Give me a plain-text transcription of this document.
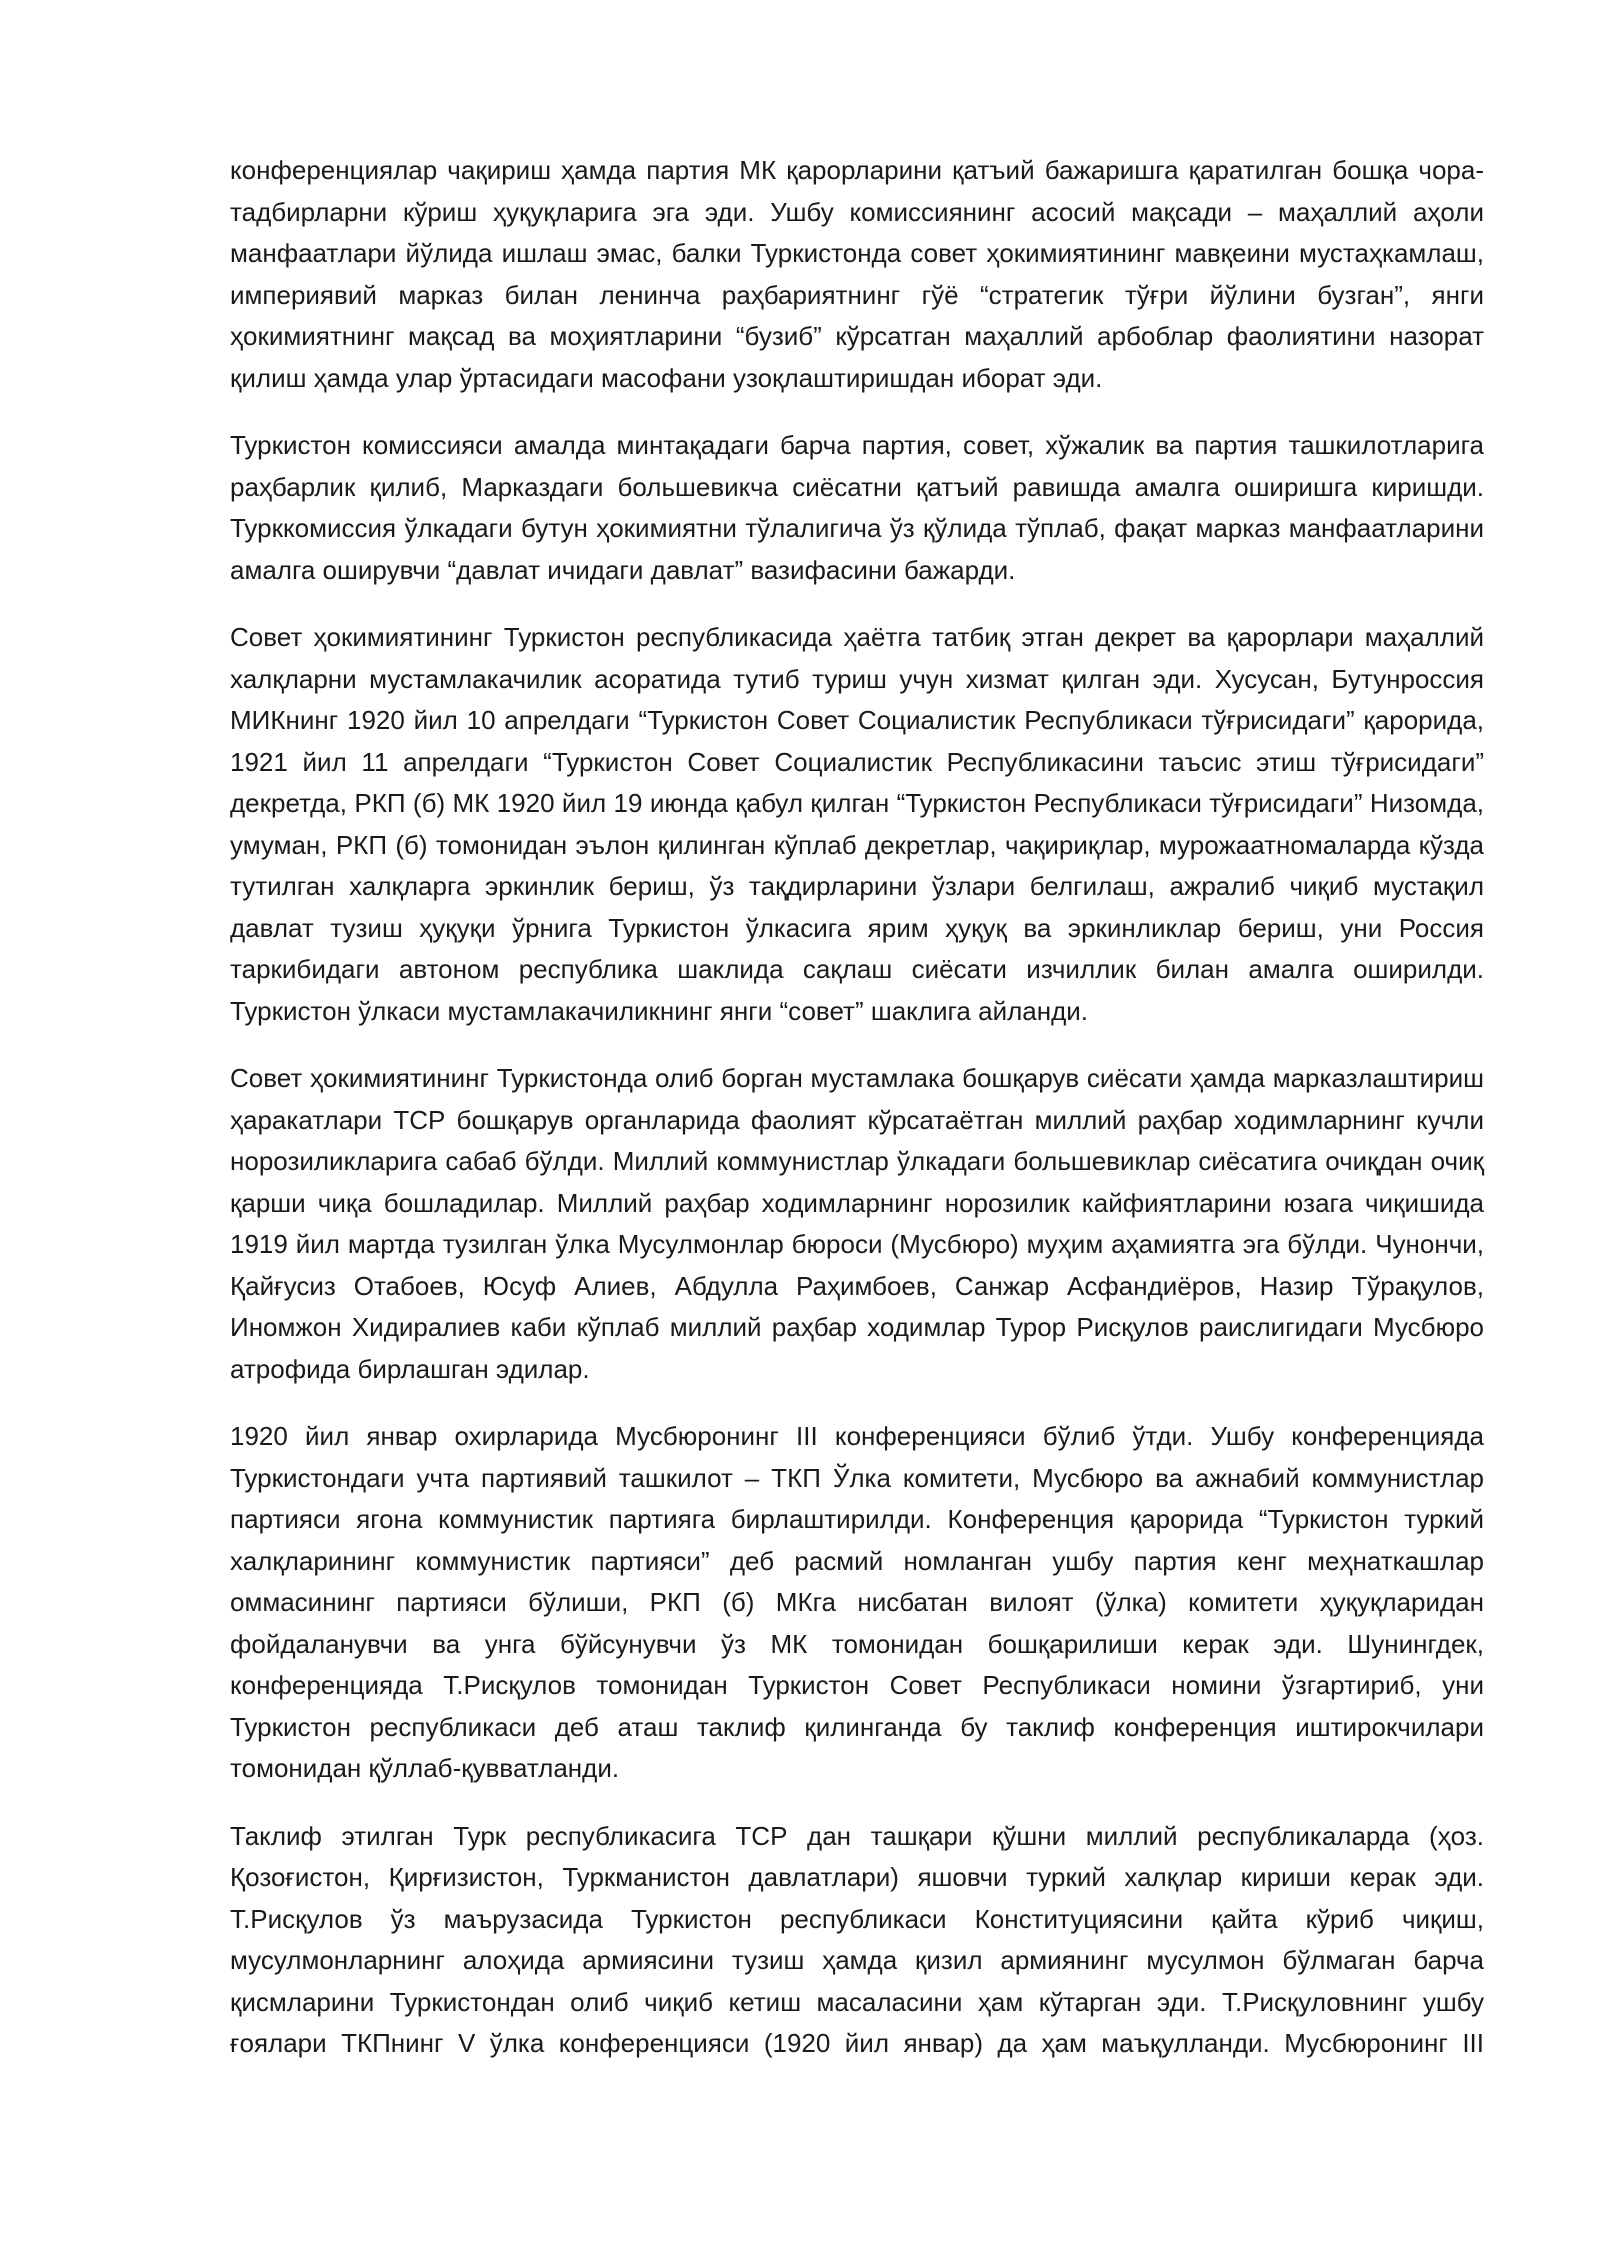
конференциялар чақириш ҳамда партия МК қарорларини қатъий бажаришга қаратилган бошқа чора-тадбирларни кўриш ҳуқуқларига эга эди. Ушбу комиссиянинг асосий мақсади – маҳаллий аҳоли манфаатлари йўлида ишлаш эмас, балки Туркистонда совет ҳокимиятининг мавқеини мустаҳкамлаш, империявий марказ билан ленинча раҳбариятнинг гўё “стратегик тўғри йўлини бузган”, янги ҳокимиятнинг мақсад ва моҳиятларини “бузиб” кўрсатган маҳаллий арбоблар фаолиятини назорат қилиш ҳамда улар ўртасидаги масофани узоқлаштиришдан иборат эди.

Туркистон комиссияси амалда минтақадаги барча партия, совет, хўжалик ва партия ташкилотларига раҳбарлик қилиб, Марказдаги большевикча сиёсатни қатъий равишда амалга оширишга киришди. Турккомиссия ўлкадаги бутун ҳокимиятни тўлалигича ўз қўлида тўплаб, фақат марказ манфаатларини амалга оширувчи “давлат ичидаги давлат” вазифасини бажарди.

Совет ҳокимиятининг Туркистон республикасида ҳаётга татбиқ этган декрет ва қарорлари маҳаллий халқларни мустамлакачилик асоратида тутиб туриш учун хизмат қилган эди. Хусусан, Бутунроссия МИКнинг 1920 йил 10 апрелдаги “Туркистон Совет Социалистик Республикаси тўғрисидаги” қарорида, 1921 йил 11 апрелдаги “Туркистон Совет Социалистик Республикасини таъсис этиш тўғрисидаги” декретда, РКП (б) МК 1920 йил 19 июнда қабул қилган “Туркистон Республикаси тўғрисидаги” Низомда, умуман, РКП (б) томонидан эълон қилинган кўплаб декретлар, чақириқлар, мурожаатномаларда кўзда тутилган халқларга эркинлик бериш, ўз тақдирларини ўзлари белгилаш, ажралиб чиқиб мустақил давлат тузиш ҳуқуқи ўрнига Туркистон ўлкасига ярим ҳуқуқ ва эркинликлар бериш, уни Россия таркибидаги автоном республика шаклида сақлаш сиёсати изчиллик билан амалга оширилди. Туркистон ўлкаси мустамлакачиликнинг янги “совет” шаклига айланди.

Совет ҳокимиятининг Туркистонда олиб борган мустамлака бошқарув сиёсати ҳамда марказлаштириш ҳаракатлари ТСР бошқарув органларида фаолият кўрсатаётган миллий раҳбар ходимларнинг кучли норозиликларига сабаб бўлди. Миллий коммунистлар ўлкадаги большевиклар сиёсатига очиқдан очиқ қарши чиқа бошладилар. Миллий раҳбар ходимларнинг норозилик кайфиятларини юзага чиқишида 1919 йил мартда тузилган ўлка Мусулмонлар бюроси (Мусбюро) муҳим аҳамиятга эга бўлди. Чунончи, Қайғусиз Отабоев, Юсуф Алиев, Абдулла Раҳимбоев, Санжар Асфандиёров, Назир Тўрақулов, Иномжон Хидиралиев каби кўплаб миллий раҳбар ходимлар Турор Рисқулов раислигидаги Мусбюро атрофида бирлашган эдилар.

1920 йил январ охирларида Мусбюронинг III конференцияси бўлиб ўтди. Ушбу конференцияда Туркистондаги учта партиявий ташкилот – ТКП Ўлка комитети, Мусбюро ва ажнабий коммунистлар партияси ягона коммунистик партияга бирлаштирилди. Конференция қарорида “Туркистон туркий халқларининг коммунистик партияси” деб расмий номланган ушбу партия кенг меҳнаткашлар оммасининг партияси бўлиши, РКП (б) МКга нисбатан вилоят (ўлка) комитети ҳуқуқларидан фойдаланувчи ва унга бўйсунувчи ўз МК томонидан бошқарилиши керак эди. Шунингдек, конференцияда Т.Рисқулов томонидан Туркистон Совет Республикаси номини ўзгартириб, уни Туркистон республикаси деб аташ таклиф қилинганда бу таклиф конференция иштирокчилари томонидан қўллаб-қувватланди.

Таклиф этилган Турк республикасига ТСР дан ташқари қўшни миллий республикаларда (ҳоз. Қозоғистон, Қирғизистон, Туркманистон давлатлари) яшовчи туркий халқлар кириши керак эди. Т.Рисқулов ўз маърузасида Туркистон республикаси Конституциясини қайта кўриб чиқиш, мусулмонларнинг алоҳида армиясини тузиш ҳамда қизил армиянинг мусулмон бўлмаган барча қисмларини Туркистондан олиб чиқиб кетиш масаласини ҳам кўтарган эди. Т.Рисқуловнинг ушбу ғоялари ТКПнинг V ўлка конференцияси (1920 йил январ) да ҳам маъқулланди. Мусбюронинг III
